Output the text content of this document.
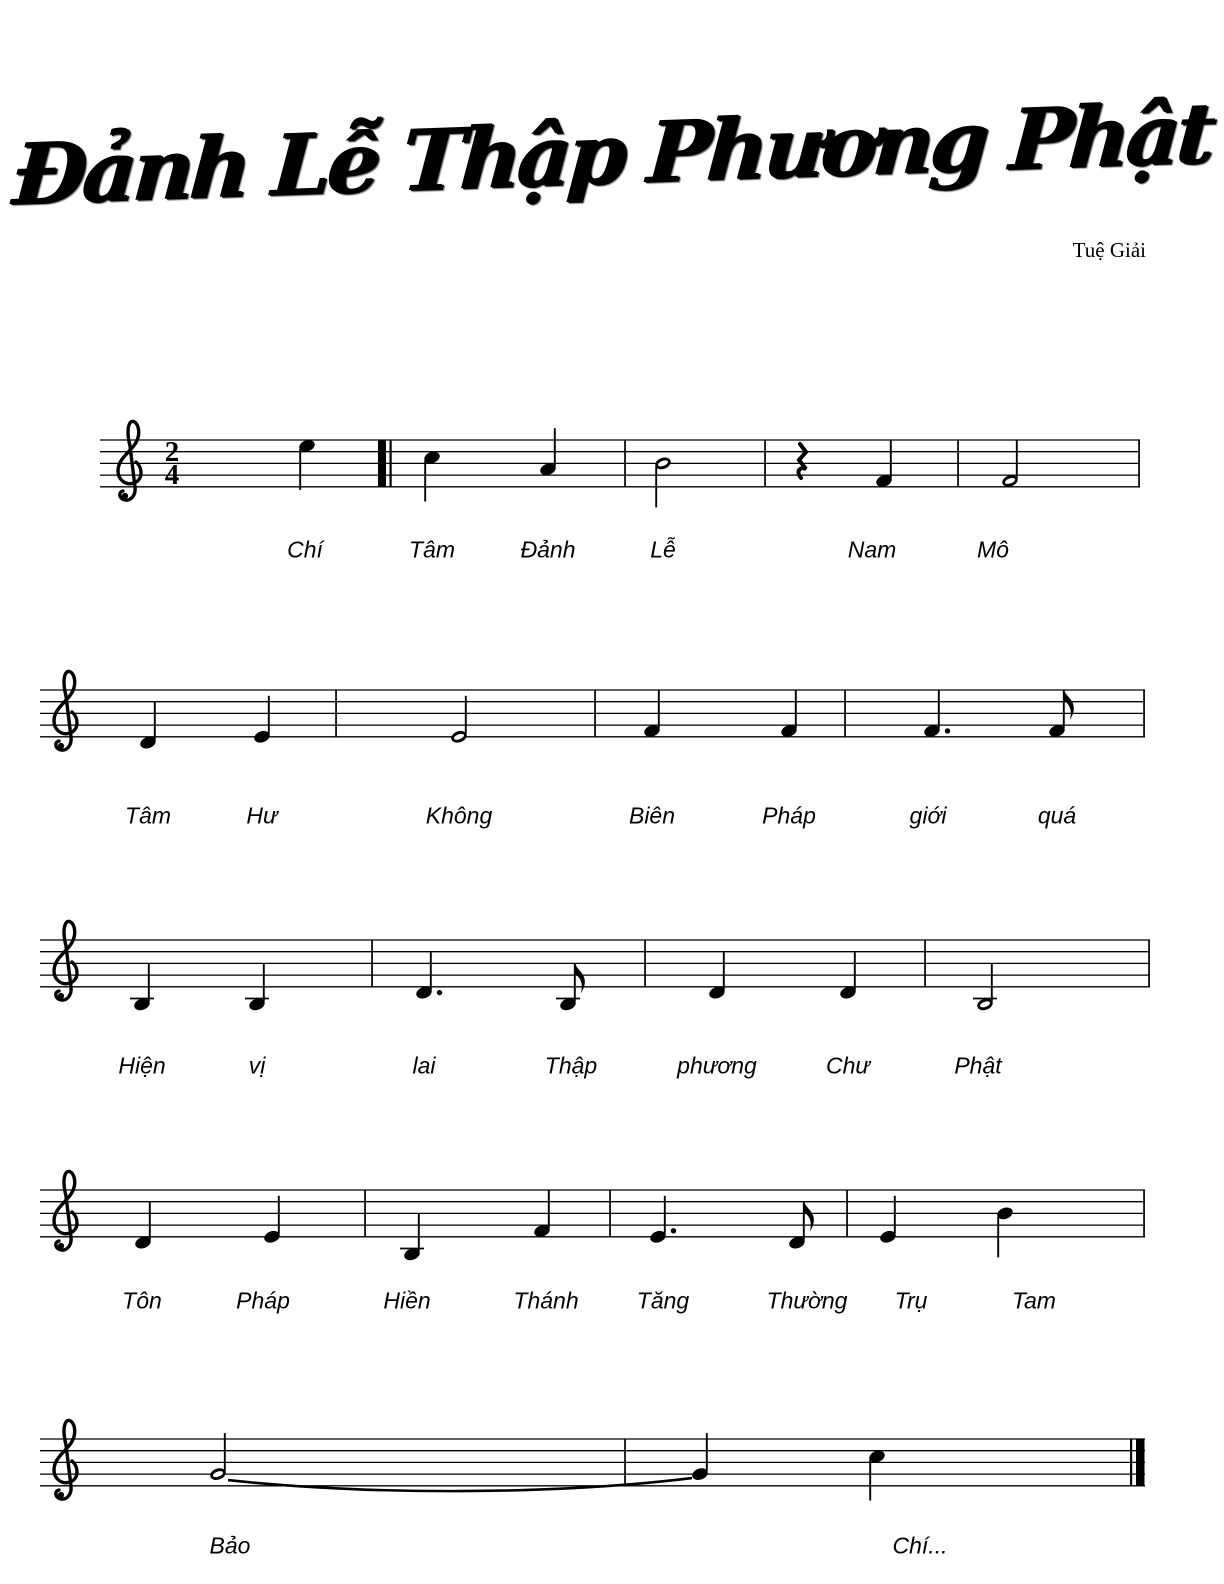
Đảnh Lễ Thập Phương Phật
Tuệ Giải
2
4
Chí	Tâm	Đảnh	Lễ	Nam	Mô
Tâm	Hư	Không	Biên	Pháp	giới	quá
Hiện	vị	lai	Thập	phương	Chư	Phật
Tôn	Pháp	Hiền	Thánh	Tăng	Thường Trụ	Tam
Bảo	Chí...
